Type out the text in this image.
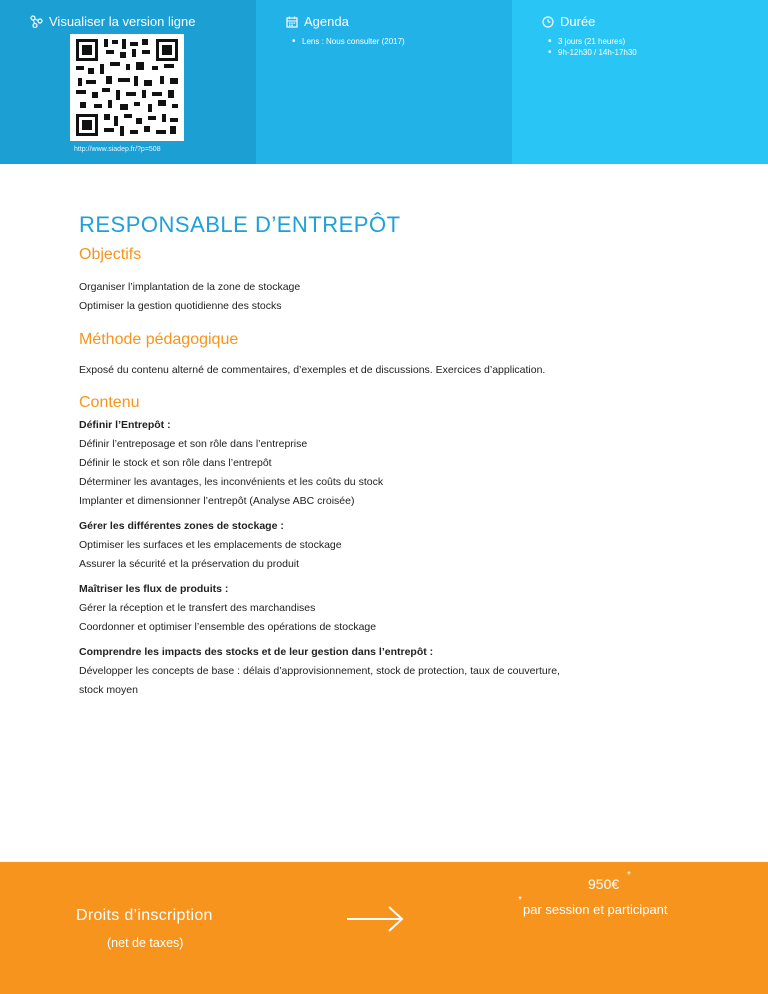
Visualiser la version ligne
http://www.siadep.fr/?p=508
Agenda
• Lens : Nous consulter (2017)
Durée
• 3 jours (21 heures)
• 9h-12h30 / 14h-17h30
RESPONSABLE D’ENTREPÔT
Objectifs

Organiser l’implantation de la zone de stockage

Optimiser la gestion quotidienne des stocks

Méthode pédagogique

Exposé du contenu alterné de commentaires, d’exemples et de discussions. Exercices d’application.

Contenu

Définir l’Entrepôt :

Définir l’entreposage et son rôle dans l’entreprise

Définir le stock et son rôle dans l’entrepôt

Déterminer les avantages, les inconvénients et les coûts du stock

Implanter et dimensionner l’entrepôt (Analyse ABC croisée)

Gérer les différentes zones de stockage :

Optimiser les surfaces et les emplacements de stockage

Assurer la sécurité et la préservation du produit

Maîtriser les flux de produits :

Gérer la réception et le transfert des marchandises

Coordonner et optimiser l’ensemble des opérations de stockage

Comprendre les impacts des stocks et de leur gestion dans l’entrepôt :

Développer les concepts de base : délais d’approvisionnement, stock de protection, taux de couverture,

stock moyen

Droits d’inscription
(net de taxes)
950€
*
*
par session et participant
